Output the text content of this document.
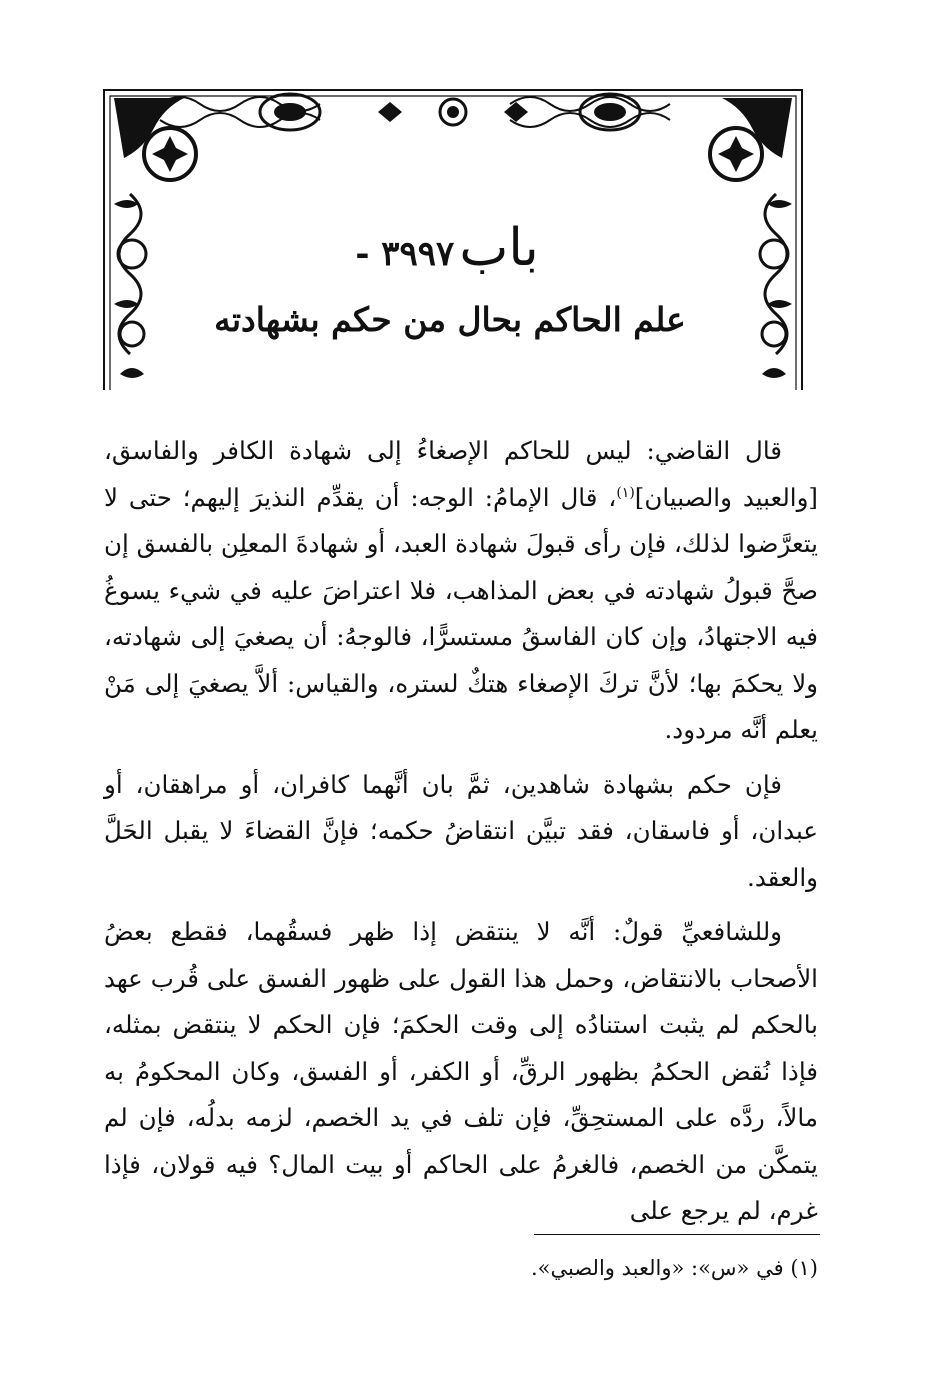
باب ٣٩٩٧ -
علم الحاكم بحال من حكم بشهادته

قال القاضي: ليس للحاكم الإصغاءُ إلى شهادة الكافر والفاسق، [والعبيد والصبيان]$^{(١)}$، قال الإمامُ: الوجه: أن يقدِّم النذيرَ إليهم؛ حتى لا يتعرَّضوا لذلك، فإن رأى قبولَ شهادة العبد، أو شهادةَ المعلِن بالفسق إن صحَّ قبولُ شهادته في بعض المذاهب، فلا اعتراضَ عليه في شيء يسوغُ فيه الاجتهادُ، وإن كان الفاسقُ مستسرًّا، فالوجهُ: أن يصغيَ إلى شهادته، ولا يحكمَ بها؛ لأنَّ تركَ الإصغاء هتكٌ لستره، والقياس: ألاَّ يصغيَ إلى مَنْ يعلم أنَّه مردود.

فإن حكم بشهادة شاهدين، ثمَّ بان أنَّهما كافران، أو مراهقان، أو عبدان، أو فاسقان، فقد تبيَّن انتقاضُ حكمه؛ فإنَّ القضاءَ لا يقبل الحَلَّ والعقد.

وللشافعيِّ قولٌ: أنَّه لا ينتقض إذا ظهر فسقُهما، فقطع بعضُ الأصحاب بالانتقاض، وحمل هذا القول على ظهور الفسق على قُرب عهد بالحكم لم يثبت استنادُه إلى وقت الحكمَ؛ فإن الحكم لا ينتقض بمثله، فإذا نُقض الحكمُ بظهور الرقِّ، أو الكفر، أو الفسق، وكان المحكومُ به مالاً، ردَّه على المستحِقِّ، فإن تلف في يد الخصم، لزمه بدلُه، فإن لم يتمكَّن من الخصم، فالغرمُ على الحاكم أو بيت المال؟ فيه قولان، فإذا غرم، لم يرجع على

(١) في «س»: «والعبد والصبي».
